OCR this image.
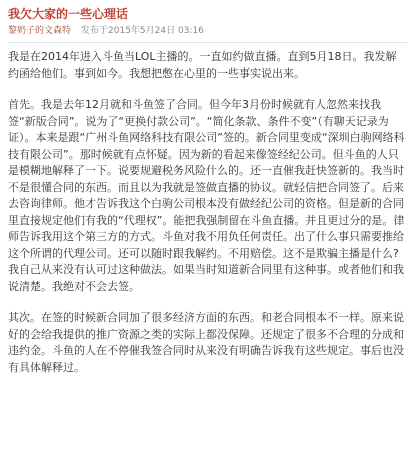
我欠大家的一些心理话
黎奶子的文森特 发布于2015年5月24日 03:16

我是在2014年进入斗鱼当LOL主播的。一直如约做直播。直到5月18日。我发解约函给他们。事到如今。我想把憋在心里的一些事实说出来。

首先。我是去年12月就和斗鱼签了合同。但今年3月份时候就有人忽然来找我签“新版合同”。说为了“更换付款公司”。“简化条款、条件不变”（有聊天记录为证）。本来是跟“广州斗鱼网络科技有限公司”签的。新合同里变成“深圳白驹网络科技有限公司”。那时候就有点怀疑。因为新的看起来像签经纪公司。但斗鱼的人只是模糊地解释了一下。说要规避税务风险什么的。还一直催我赶快签新的。我当时不是很懂合同的东西。而且以为我就是签做直播的协议。就轻信把合同签了。后来去咨询律师。他才告诉我这个白驹公司根本没有做经纪公司的资格。但是新的合同里直接规定他们有我的“代理权”。能把我强制留在斗鱼直播。并且更过分的是。律师告诉我用这个第三方的方式。斗鱼对我不用负任何责任。出了什么事只需要推给这个所谓的代理公司。还可以随时跟我解约。不用赔偿。这不是欺骗主播是什么?我自己从来没有认可过这种做法。如果当时知道新合同里有这种事。或者他们和我说清楚。我绝对不会去签。

其次。在签的时候新合同加了很多经济方面的东西。和老合同根本不一样。原来说好的会给我提供的推广资源之类的实际上都没保障。还规定了很多不合理的分成和违约金。斗鱼的人在不停催我签合同时从来没有明确告诉我有这些规定。事后也没有具体解释过。
